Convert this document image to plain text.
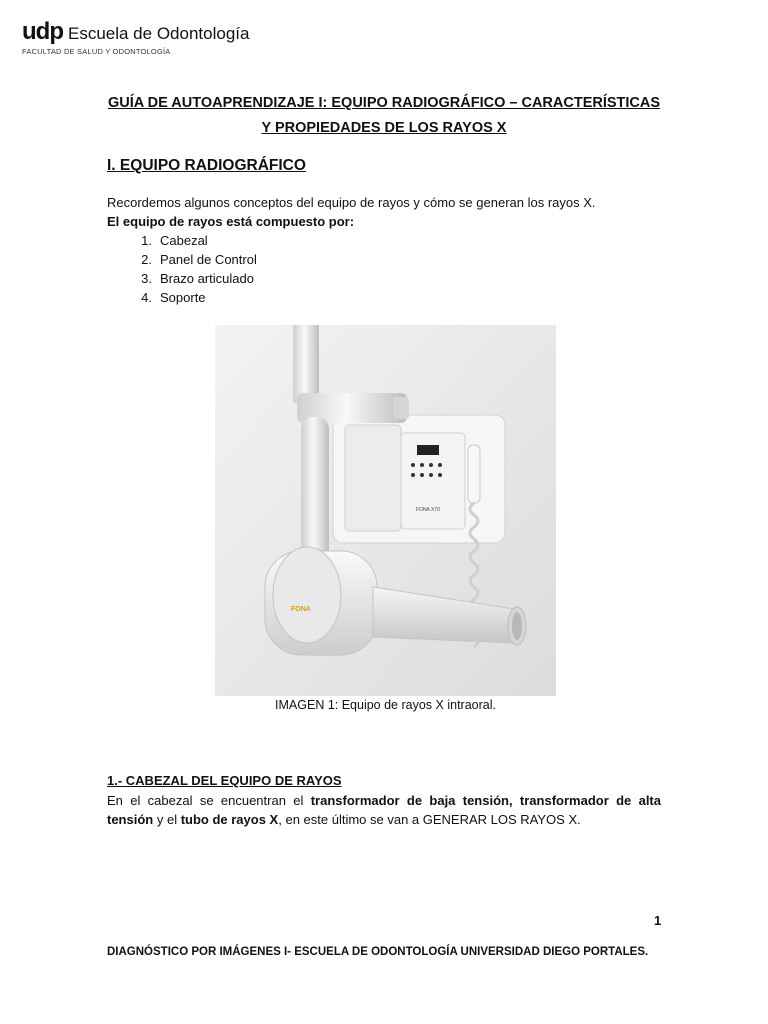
udp Escuela de Odontología
FACULTAD DE SALUD Y ODONTOLOGÍA
GUÍA DE AUTOAPRENDIZAJE I: EQUIPO RADIOGRÁFICO – CARACTERÍSTICAS
Y PROPIEDADES DE LOS RAYOS X
I. EQUIPO RADIOGRÁFICO
Recordemos algunos conceptos del equipo de rayos y cómo se generan los rayos X.
El equipo de rayos está compuesto por:
1. Cabezal
2. Panel de Control
3. Brazo articulado
4. Soporte
FONA X70
FONA
IMAGEN 1: Equipo de rayos X intraoral.
1.- CABEZAL DEL EQUIPO DE RAYOS
En el cabezal se encuentran el transformador de baja tensión, transformador de alta tensión y el tubo de rayos X, en este último se van a GENERAR LOS RAYOS X.
1
DIAGNÓSTICO POR IMÁGENES I- ESCUELA DE ODONTOLOGÍA UNIVERSIDAD DIEGO PORTALES.
